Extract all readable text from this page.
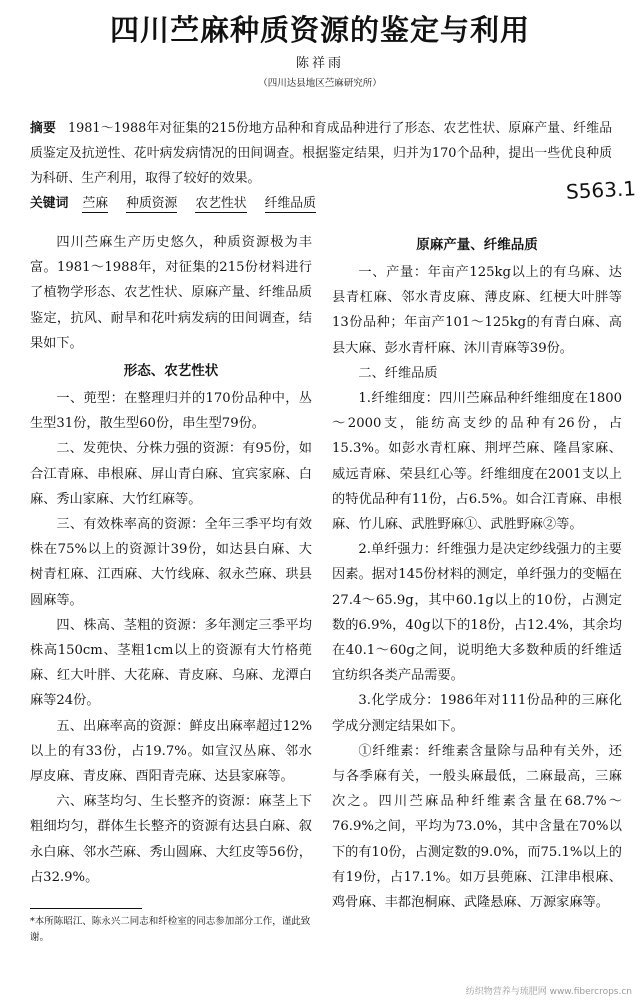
四川苎麻种质资源的鉴定与利用
陈祥雨
（四川达县地区苎麻研究所）
摘要 1981～1988年对征集的215份地方品种和育成品种进行了形态、农艺性状、原麻产量、纤维品质鉴定及抗逆性、花叶病发病情况的田间调查。根据鉴定结果，归并为170个品种，提出一些优良种质为科研、生产利用，取得了较好的效果。
关键词 苎麻 种质资源 农艺性状 纤维品质	S563.1

四川苎麻生产历史悠久，种质资源极为丰富。1981～1988年，对征集的215份材料进行了植物学形态、农艺性状、原麻产量、纤维品质鉴定，抗风、耐旱和花叶病发病的田间调查，结果如下。

形态、农艺性状

一、蔸型：在整理归并的170份品种中，丛生型31份，散生型60份，串生型79份。

二、发蔸快、分株力强的资源：有95份，如合江青麻、串根麻、屏山青白麻、宜宾家麻、白麻、秀山家麻、大竹红麻等。

三、有效株率高的资源：全年三季平均有效株在75%以上的资源计39份，如达县白麻、大树青杠麻、江西麻、大竹线麻、叙永苎麻、珙县圆麻等。

四、株高、茎粗的资源：多年测定三季平均株高150cm、茎粗1cm以上的资源有大竹格蔸麻、红大叶胖、大花麻、青皮麻、乌麻、龙潭白麻等24份。

五、出麻率高的资源：鲜皮出麻率超过12%以上的有33份，占19.7%。如宣汉丛麻、邻水厚皮麻、青皮麻、酉阳青壳麻、达县家麻等。

六、麻茎均匀、生长整齐的资源：麻茎上下粗细均匀，群体生长整齐的资源有达县白麻、叙永白麻、邻水苎麻、秀山圆麻、大红皮等56份，占32.9%。

*本所陈昭江、陈永兴二同志和纤检室的同志参加部分工作，谨此致谢。
原麻产量、纤维品质

一、产量：年亩产125kg以上的有乌麻、达县青杠麻、邻水青皮麻、薄皮麻、红梗大叶胖等13份品种；年亩产101～125kg的有青白麻、高县大麻、彭水青杆麻、沐川青麻等39份。

二、纤维品质

1.纤维细度：四川苎麻品种纤维细度在1800～2000支，能纺高支纱的品种有26份，占15.3%。如彭水青杠麻、荆坪苎麻、隆昌家麻、威远青麻、荣县红心等。纤维细度在2001支以上的特优品种有11份，占6.5%。如合江青麻、串根麻、竹儿麻、武胜野麻①、武胜野麻②等。

2.单纤强力：纤维强力是决定纱线强力的主要因素。据对145份材料的测定，单纤强力的变幅在27.4～65.9g，其中60.1g以上的10份，占测定数的6.9%，40g以下的18份，占12.4%，其余均在40.1～60g之间，说明绝大多数种质的纤维适宜纺织各类产品需要。

3.化学成分：1986年对111份品种的三麻化学成分测定结果如下。

①纤维素：纤维素含量除与品种有关外，还与各季麻有关，一般头麻最低，二麻最高，三麻次之。四川苎麻品种纤维素含量在68.7%～76.9%之间，平均为73.0%，其中含量在70%以下的有10份，占测定数的9.0%，而75.1%以上的有19份，占17.1%。如万县蔸麻、江津串根麻、鸡骨麻、丰都泡桐麻、武隆悬麻、万源家麻等。

纺织物营养与琉肥网 www.fibercrops.cn
